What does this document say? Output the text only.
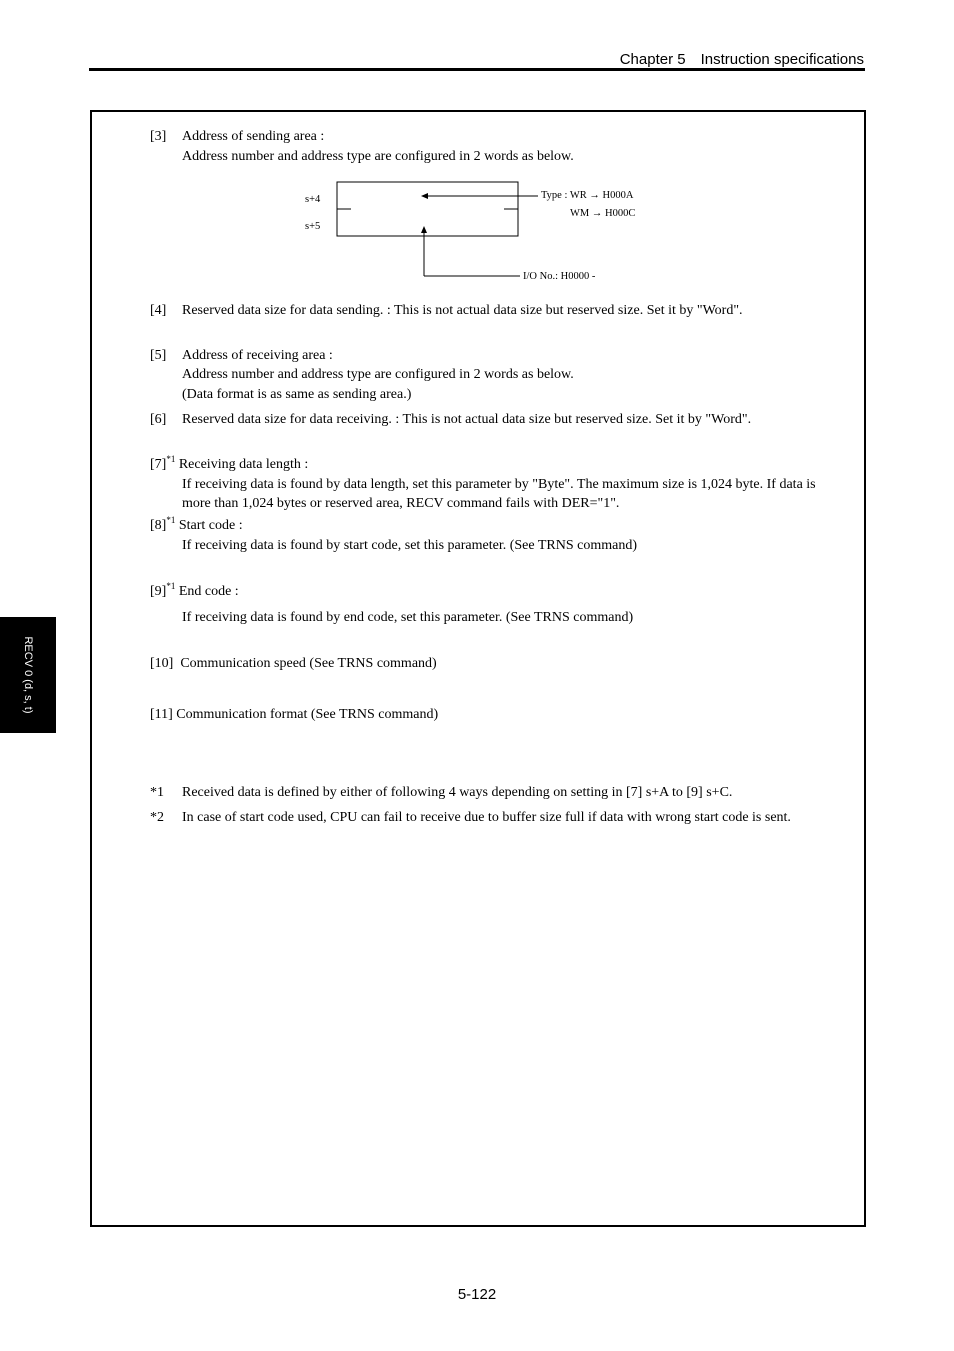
Chapter 5　Instruction specifications
RECV 0 (d, s, t)
[3] Address of sending area :
Address number and address type are configured in 2 words as below.
s+4
s+5
Type : WR → H000A
WM → H000C
I/O No.: H0000 -
[4] Reserved data size for data sending. : This is not actual data size but reserved size. Set it by "Word".
[5] Address of receiving area :
Address number and address type are configured in 2 words as below.
(Data format is as same as sending area.)
[6] Reserved data size for data receiving. : This is not actual data size but reserved size. Set it by "Word".
$[7]^{*1}$ Receiving data length :
If receiving data is found by data length, set this parameter by "Byte". The maximum size is 1,024 byte. If data is
more than 1,024 bytes or reserved area, RECV command fails with DER="1".
$[8]^{*1}$ Start code :
If receiving data is found by start code, set this parameter. (See TRNS command)
$[9]^{*1}$ End code :
If receiving data is found by end code, set this parameter. (See TRNS command)
[10]  Communication speed (See TRNS command)
[11] Communication format (See TRNS command)
*1 Received data is defined by either of following 4 ways depending on setting in [7] s+A to [9] s+C.
*2 In case of start code used, CPU can fail to receive due to buffer size full if data with wrong start code is sent.
5-122
